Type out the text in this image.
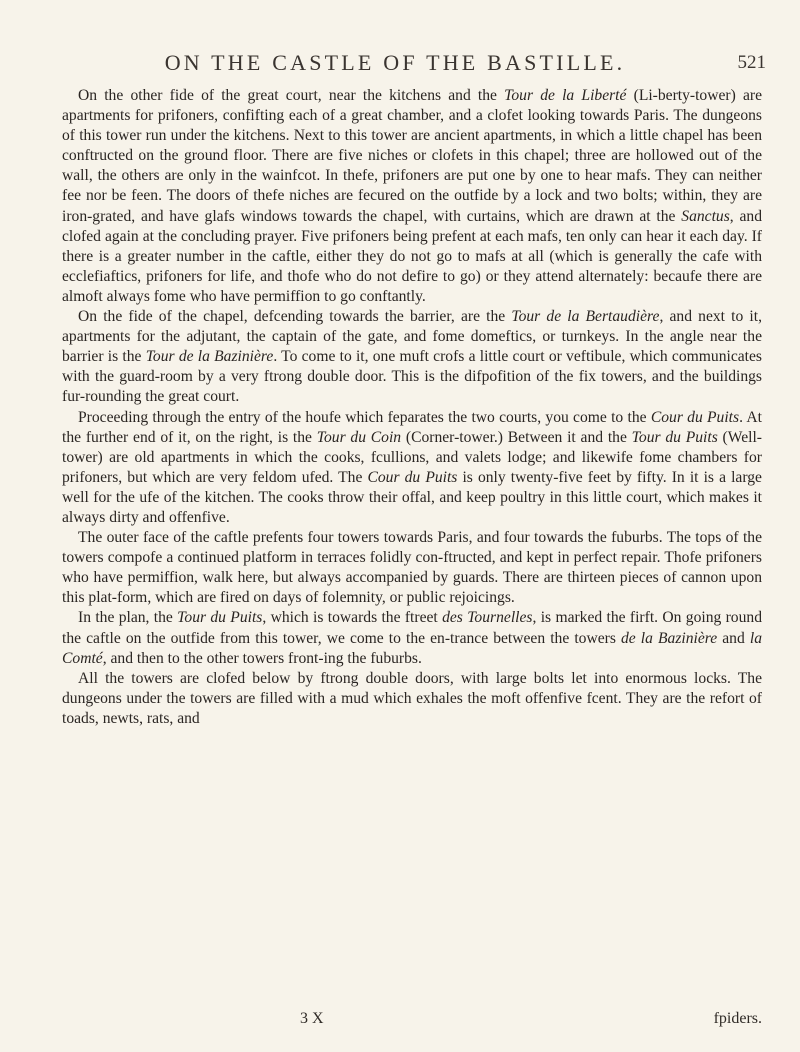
ON THE CASTLE OF THE BASTILLE.	521

On the other fide of the great court, near the kitchens and the Tour de la Liberté (Li-berty-tower) are apartments for prifoners, confifting each of a great chamber, and a clofet looking towards Paris. The dungeons of this tower run under the kitchens. Next to this tower are ancient apartments, in which a little chapel has been conftructed on the ground floor. There are five niches or clofets in this chapel; three are hollowed out of the wall, the others are only in the wainfcot. In thefe, prifoners are put one by one to hear mafs. They can neither fee nor be feen. The doors of thefe niches are fecured on the outfide by a lock and two bolts; within, they are iron-grated, and have glafs windows towards the chapel, with curtains, which are drawn at the Sanctus, and clofed again at the concluding prayer. Five prifoners being prefent at each mafs, ten only can hear it each day. If there is a greater number in the caftle, either they do not go to mafs at all (which is generally the cafe with ecclefiaftics, prifoners for life, and thofe who do not defire to go) or they attend alternately: becaufe there are almoft always fome who have permiffion to go conftantly.

On the fide of the chapel, defcending towards the barrier, are the Tour de la Bertaudière, and next to it, apartments for the adjutant, the captain of the gate, and fome domeftics, or turnkeys. In the angle near the barrier is the Tour de la Bazinière. To come to it, one muft crofs a little court or veftibule, which communicates with the guard-room by a very ftrong double door. This is the difpofition of the fix towers, and the buildings fur-rounding the great court.

Proceeding through the entry of the houfe which feparates the two courts, you come to the Cour du Puits. At the further end of it, on the right, is the Tour du Coin (Corner-tower.) Between it and the Tour du Puits (Well-tower) are old apartments in which the cooks, fcullions, and valets lodge; and likewife fome chambers for prifoners, but which are very feldom ufed. The Cour du Puits is only twenty-five feet by fifty. In it is a large well for the ufe of the kitchen. The cooks throw their offal, and keep poultry in this little court, which makes it always dirty and offenfive.

The outer face of the caftle prefents four towers towards Paris, and four towards the fuburbs. The tops of the towers compofe a continued platform in terraces folidly con-ftructed, and kept in perfect repair. Thofe prifoners who have permiffion, walk here, but always accompanied by guards. There are thirteen pieces of cannon upon this plat-form, which are fired on days of folemnity, or public rejoicings.

In the plan, the Tour du Puits, which is towards the ftreet des Tournelles, is marked the firft. On going round the caftle on the outfide from this tower, we come to the en-trance between the towers de la Bazinière and la Comté, and then to the other towers front-ing the fuburbs.

All the towers are clofed below by ftrong double doors, with large bolts let into enormous locks. The dungeons under the towers are filled with a mud which exhales the moft offenfive fcent. They are the refort of toads, newts, rats, and

3 X	fpiders.
